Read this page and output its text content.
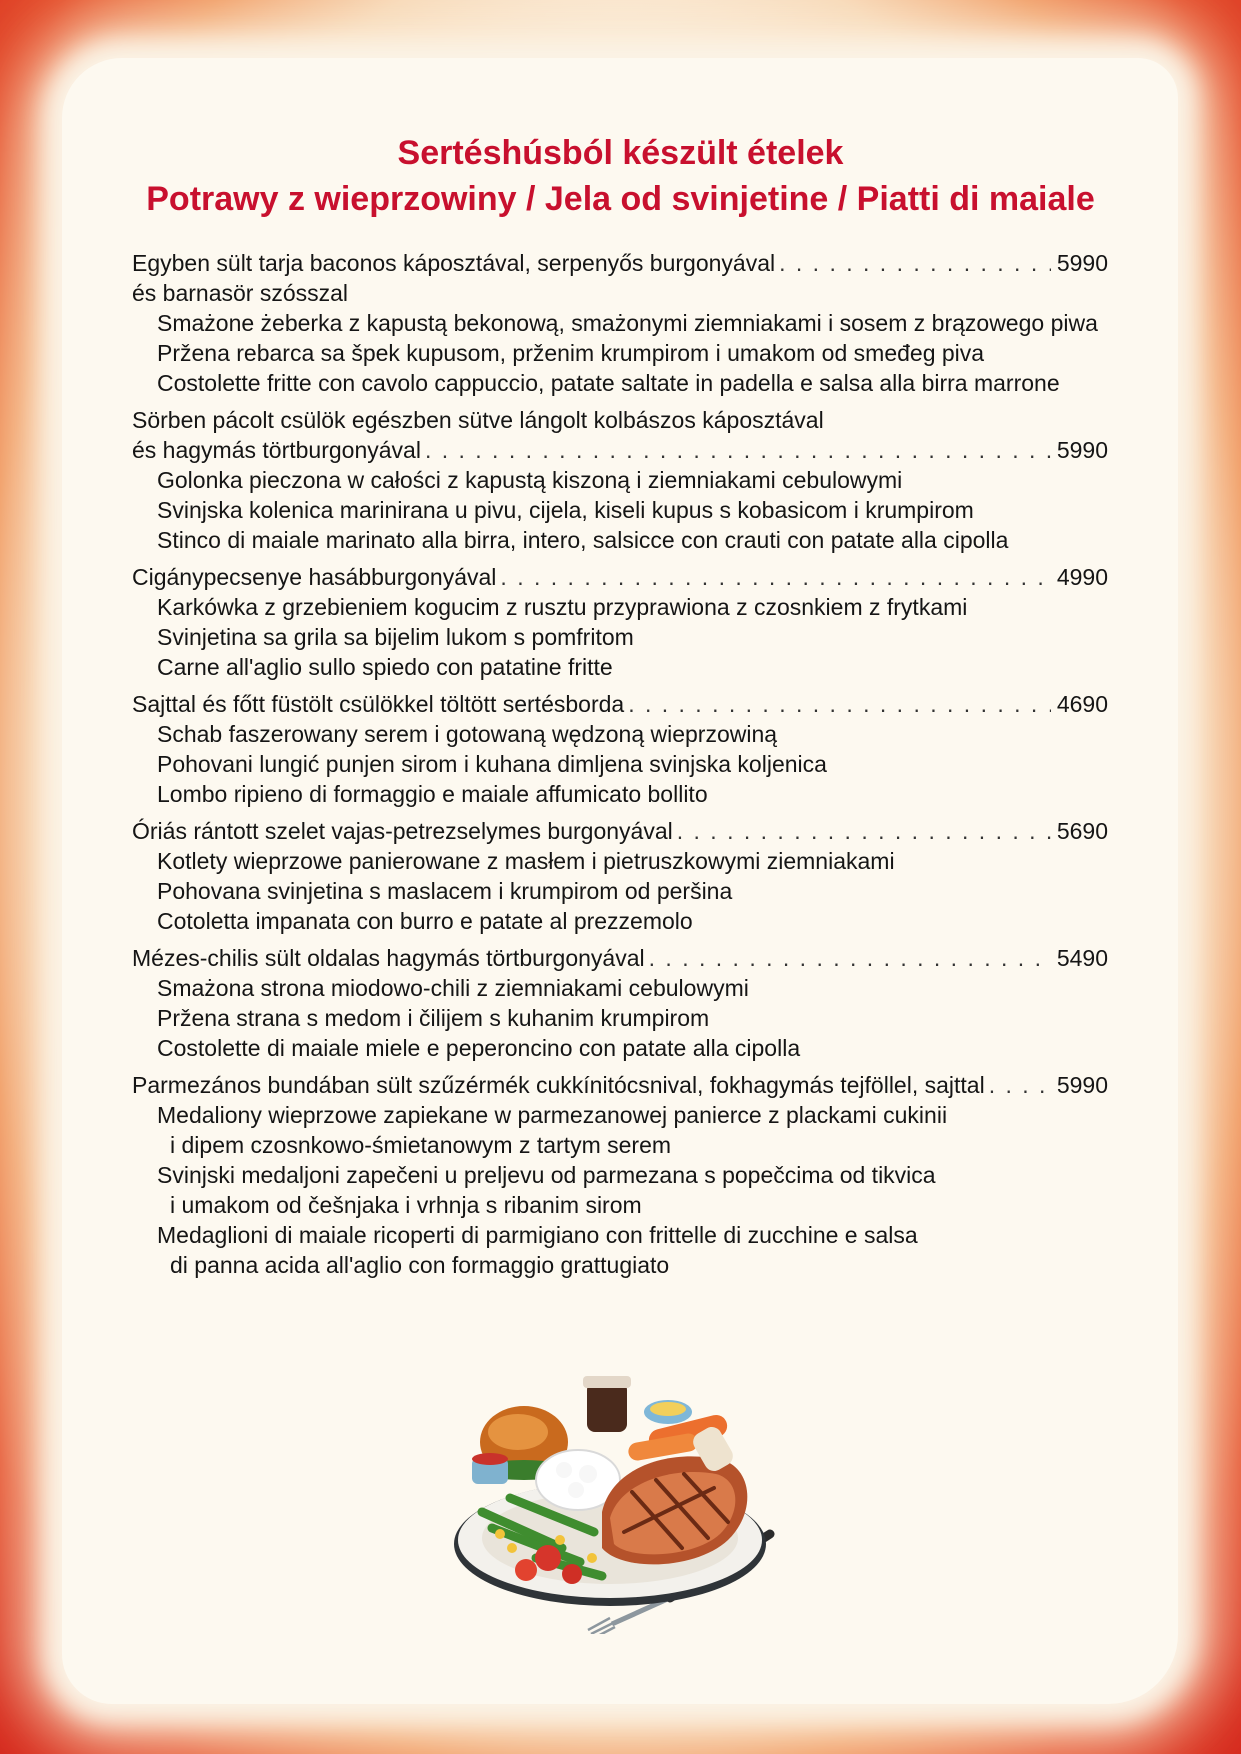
Sertéshúsból készült ételek
Potrawy z wieprzowiny / Jela od svinjetine / Piatti di maiale
Egyben sült tarja baconos káposztával, serpenyős burgonyával . . .	5990
és barnasör szósszal
Smażone żeberka z kapustą bekonową, smażonymi ziemniakami i sosem z brązowego piwa
Pržena rebarca sa špek kupusom, prženim krumpirom i umakom od smeđeg piva
Costolette fritte con cavolo cappuccio, patate saltate in padella e salsa alla birra marrone
Sörben pácolt csülök egészben sütve lángolt kolbászos káposztával
és hagymás törtburgonyával . . .	5990
Golonka pieczona w całości z kapustą kiszoną i ziemniakami cebulowymi
Svinjska kolenica marinirana u pivu, cijela, kiseli kupus s kobasicom i krumpirom
Stinco di maiale marinato alla birra, intero, salsicce con crauti con patate alla cipolla
Cigánypecsenye hasábburgonyával . . .	4990
Karkówka z grzebieniem kogucim z rusztu przyprawiona z czosnkiem z frytkami
Svinjetina sa grila sa bijelim lukom s pomfritom
Carne all'aglio sullo spiedo con patatine fritte
Sajttal és főtt füstölt csülökkel töltött sertésborda . . .	4690
Schab faszerowany serem i gotowaną wędzoną wieprzowiną
Pohovani lungić punjen sirom i kuhana dimljena svinjska koljenica
Lombo ripieno di formaggio e maiale affumicato bollito
Óriás rántott szelet vajas-petrezselymes burgonyával . . .	5690
Kotlety wieprzowe panierowane z masłem i pietruszkowymi ziemniakami
Pohovana svinjetina s maslacem i krumpirom od peršina
Cotoletta impanata con burro e patate al prezzemolo
Mézes-chilis sült oldalas hagymás törtburgonyával . . .	5490
Smażona strona miodowo-chili z ziemniakami cebulowymi
Pržena strana s medom i čilijem s kuhanim krumpirom
Costolette di maiale miele e peperoncino con patate alla cipolla
Parmezános bundában sült szűzérmék cukkínitócsnival, fokhagymás tejföllel, sajttal . . .	5990
Medaliony wieprzowe zapiekane w parmezanowej panierce z plackami cukinii
i dipem czosnkowo-śmietanowym z tartym serem
Svinjski medaljoni zapečeni u preljevu od parmezana s popečcima od tikvica
i umakom od češnjaka i vrhnja s ribanim sirom
Medaglioni di maiale ricoperti di parmigiano con frittelle di zucchine e salsa
di panna acida all'aglio con formaggio grattugiato
